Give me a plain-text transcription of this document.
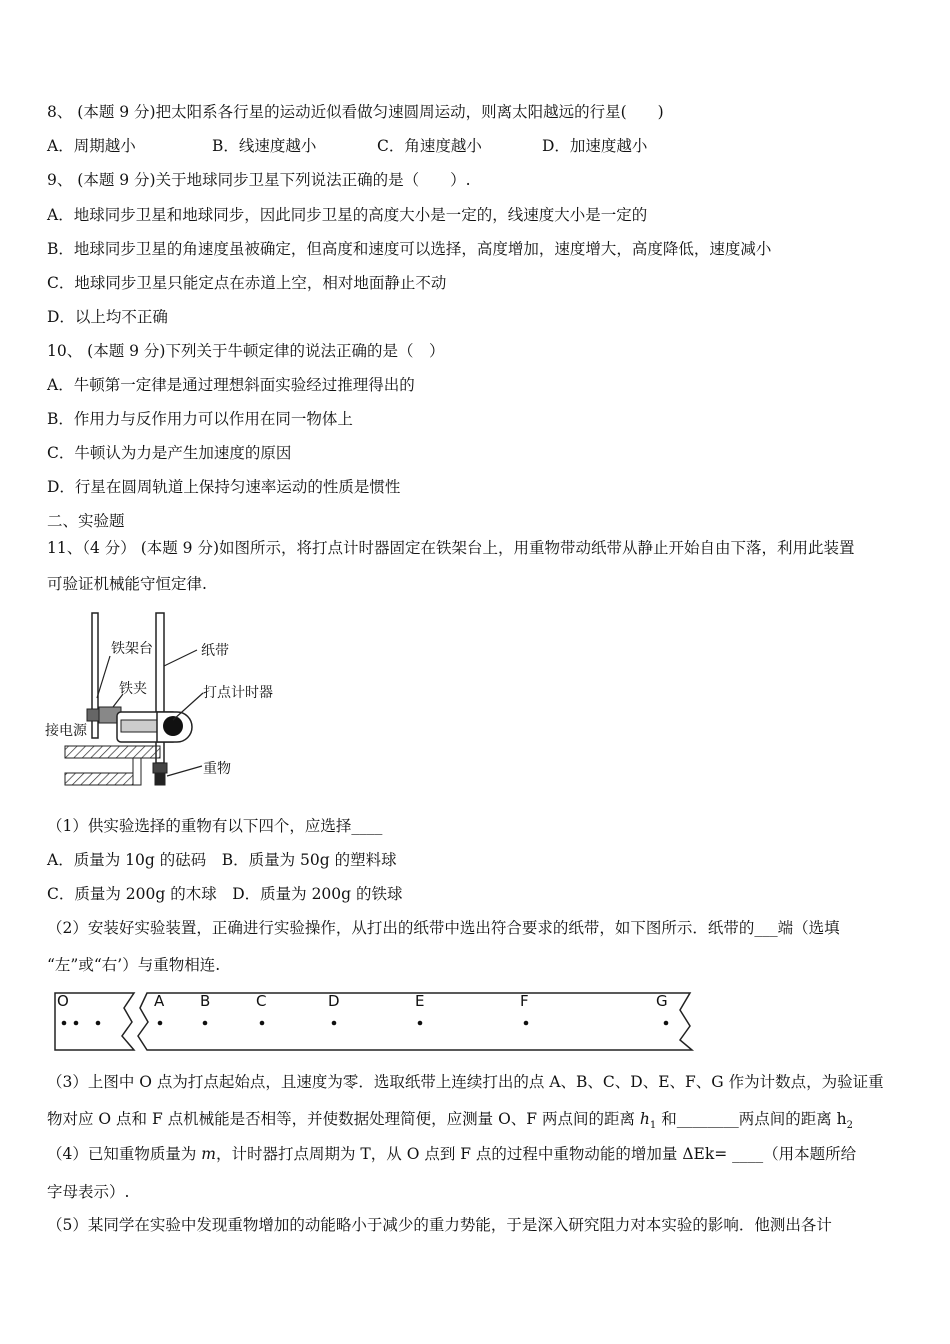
8、 (本题 9 分)把太阳系各行星的运动近似看做匀速圆周运动，则离太阳越远的行星(　　)
A．周期越小	B．线速度越小	C．角速度越小	D．加速度越小
9、 (本题 9 分)关于地球同步卫星下列说法正确的是（　　）.
A．地球同步卫星和地球同步，因此同步卫星的高度大小是一定的，线速度大小是一定的
B．地球同步卫星的角速度虽被确定，但高度和速度可以选择，高度增加，速度增大，高度降低，速度减小
C．地球同步卫星只能定点在赤道上空，相对地面静止不动
D．以上均不正确
10、 (本题 9 分)下列关于牛顿定律的说法正确的是（　）
A．牛顿第一定律是通过理想斜面实验经过推理得出的
B．作用力与反作用力可以作用在同一物体上
C．牛顿认为力是产生加速度的原因
D．行星在圆周轨道上保持匀速率运动的性质是惯性
二、实验题
11、（4 分） (本题 9 分)如图所示，将打点计时器固定在铁架台上，用重物带动纸带从静止开始自由下落，利用此装置
可验证机械能守恒定律.
铁架台	纸带
铁夹	打点计时器
接电源
重物
（1）供实验选择的重物有以下四个，应选择____
A．质量为 10g 的砝码　B．质量为 50g 的塑料球
C．质量为 200g 的木球　D．质量为 200g 的铁球
（2）安装好实验装置，正确进行实验操作，从打出的纸带中选出符合要求的纸带，如下图所示．纸带的___端（选填
“左”或“右’）与重物相连.
O	A B	C	D	E	F	G
（3）上图中 O 点为打点起始点，且速度为零．选取纸带上连续打出的点 A、B、C、D、E、F、G 作为计数点，为验证重
物对应 O 点和 F 点机械能是否相等，并使数据处理简便，应测量 O、F 两点间的距离 $h_1$ 和________两点间的距离 $h_2$
（4）已知重物质量为 m，计时器打点周期为 T，从 O 点到 F 点的过程中重物动能的增加量 ΔEk= ____（用本题所给
字母表示）.
（5）某同学在实验中发现重物增加的动能略小于减少的重力势能，于是深入研究阻力对本实验的影响．他测出各计
